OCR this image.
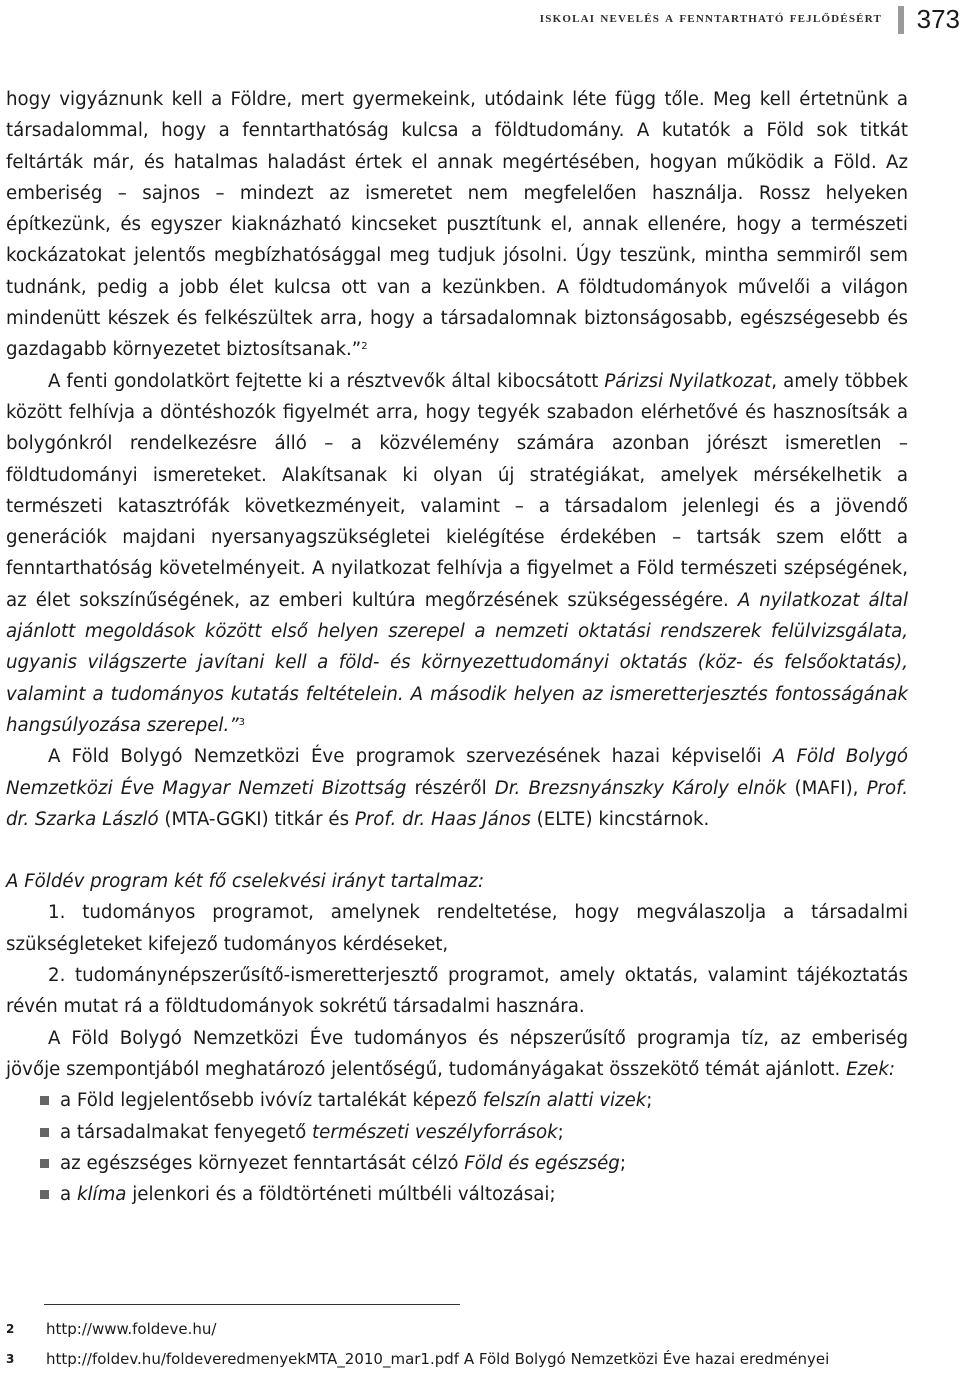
iskolai nevelés a fenntartható fejlődésért 373

hogy vigyáznunk kell a Földre, mert gyermekeink, utódaink léte függ tőle. Meg kell értetnünk a társadalommal, hogy a fenntarthatóság kulcsa a földtudomány. A kutatók a Föld sok titkát feltárták már, és hatalmas haladást értek el annak megértésében, hogyan működik a Föld. Az emberiség – sajnos – mindezt az ismeretet nem megfelelően használja. Rossz helyeken építkezünk, és egyszer kiaknázható kincseket pusztítunk el, annak ellenére, hogy a természeti kockázatokat jelentős megbízhatósággal meg tudjuk jósolni. Úgy teszünk, mintha semmiről sem tudnánk, pedig a jobb élet kulcsa ott van a kezünkben. A földtudományok művelői a világon mindenütt készek és felkészültek arra, hogy a társadalomnak biztonságosabb, egészségesebb és gazdagabb környezetet biztosítsanak.”$^2$

A fenti gondolatkört fejtette ki a résztvevők által kibocsátott Párizsi Nyilatkozat, amely többek között felhívja a döntéshozók figyelmét arra, hogy tegyék szabadon elérhetővé és hasznosítsák a bolygónkról rendelkezésre álló – a közvélemény számára azonban jórészt ismeretlen – földtudományi ismereteket. Alakítsanak ki olyan új stratégiákat, amelyek mérsékelhetik a természeti katasztrófák következményeit, valamint – a társadalom jelenlegi és a jövendő generációk majdani nyersanyagszükségletei kielégítése érdekében – tartsák szem előtt a fenntarthatóság követelményeit. A nyilatkozat felhívja a figyelmet a Föld természeti szépségének, az élet sokszínűségének, az emberi kultúra megőrzésének szükségességére. A nyilatkozat által ajánlott megoldások között első helyen szerepel a nemzeti oktatási rendszerek felülvizsgálata, ugyanis világszerte javítani kell a föld- és környezettudományi oktatás (köz- és felsőoktatás), valamint a tudományos kutatás feltételein. A második helyen az ismeretterjesztés fontosságának hangsúlyozása szerepel.”$^3$

A Föld Bolygó Nemzetközi Éve programok szervezésének hazai képviselői A Föld Bolygó Nemzetközi Éve Magyar Nemzeti Bizottság részéről Dr. Brezsnyánszky Károly elnök (MAFI), Prof. dr. Szarka László (MTA-GGKI) titkár és Prof. dr. Haas János (ELTE) kincstárnok.

A Földév program két fő cselekvési irányt tartalmaz:

1. tudományos programot, amelynek rendeltetése, hogy megválaszolja a társadalmi szükségleteket kifejező tudományos kérdéseket,

2. tudománynépszerűsítő-ismeretterjesztő programot, amely oktatás, valamint tájékoztatás révén mutat rá a földtudományok sokrétű társadalmi hasznára.

A Föld Bolygó Nemzetközi Éve tudományos és népszerűsítő programja tíz, az emberiség jövője szempontjából meghatározó jelentőségű, tudományágakat összekötő témát ajánlott. Ezek:

a Föld legjelentősebb ivóvíz tartalékát képező felszín alatti vizek;
a társadalmakat fenyegető természeti veszélyforrások;
az egészséges környezet fenntartását célzó Föld és egészség;
a klíma jelenkori és a földtörténeti múltbéli változásai;
2 http://www.foldeve.hu/
3 http://foldev.hu/foldeveredmenyekMTA_2010_mar1.pdf A Föld Bolygó Nemzetközi Éve hazai eredményei
